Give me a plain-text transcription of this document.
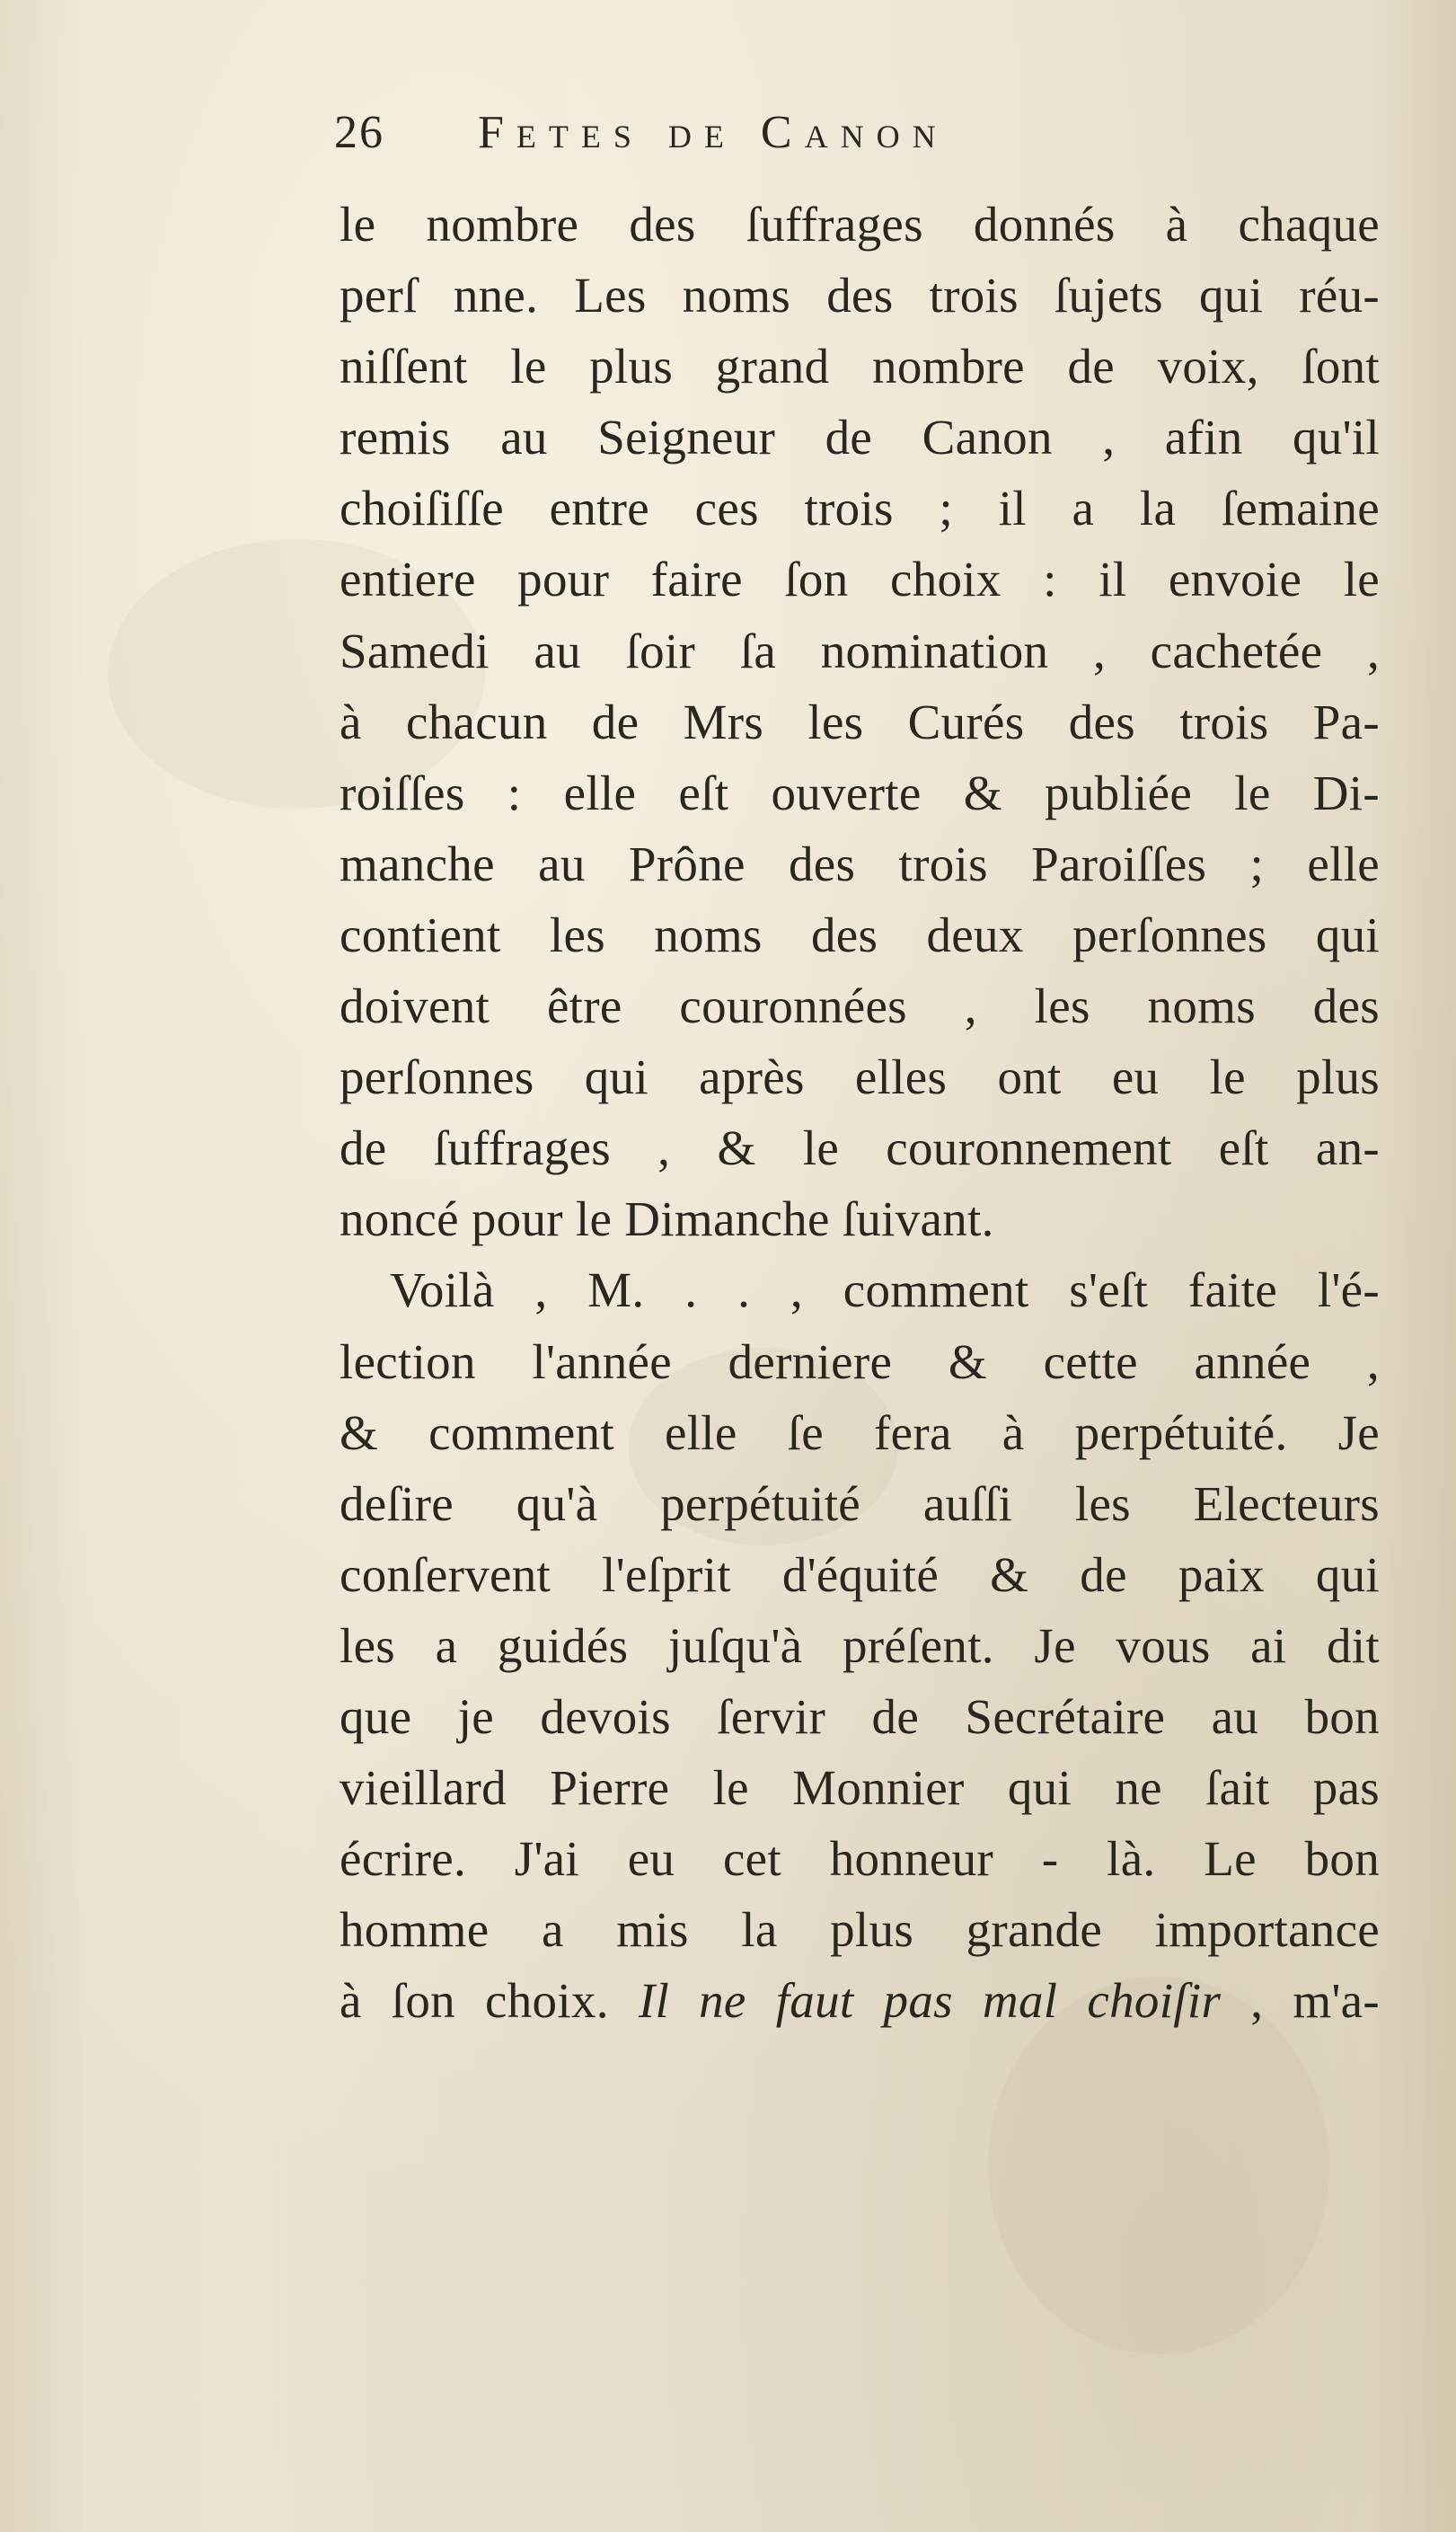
26	Fetes de Canon
le nombre des ſuffrages donnés à chaque
perſ nne. Les noms des trois ſujets qui réu-
niſſent le plus grand nombre de voix, ſont
remis au Seigneur de Canon , afin qu'il
choiſiſſe entre ces trois ; il a la ſemaine
entiere pour faire ſon choix : il envoie le
Samedi au ſoir ſa nomination , cachetée ,
à chacun de Mrs les Curés des trois Pa-
roiſſes : elle eſt ouverte & publiée le Di-
manche au Prône des trois Paroiſſes ; elle
contient les noms des deux perſonnes qui
doivent être couronnées , les noms des
perſonnes qui après elles ont eu le plus
de ſuffrages , & le couronnement eſt an-
noncé pour le Dimanche ſuivant.
Voilà , M. . . , comment s'eſt faite l'é-
lection l'année derniere & cette année ,
& comment elle ſe fera à perpétuité. Je
deſire qu'à perpétuité auſſi les Electeurs
conſervent l'eſprit d'équité & de paix qui
les a guidés juſqu'à préſent. Je vous ai dit
que je devois ſervir de Secrétaire au bon
vieillard Pierre le Monnier qui ne ſait pas
écrire. J'ai eu cet honneur - là. Le bon
homme a mis la plus grande importance
à ſon choix. Il ne faut pas mal choiſir , m'a-
